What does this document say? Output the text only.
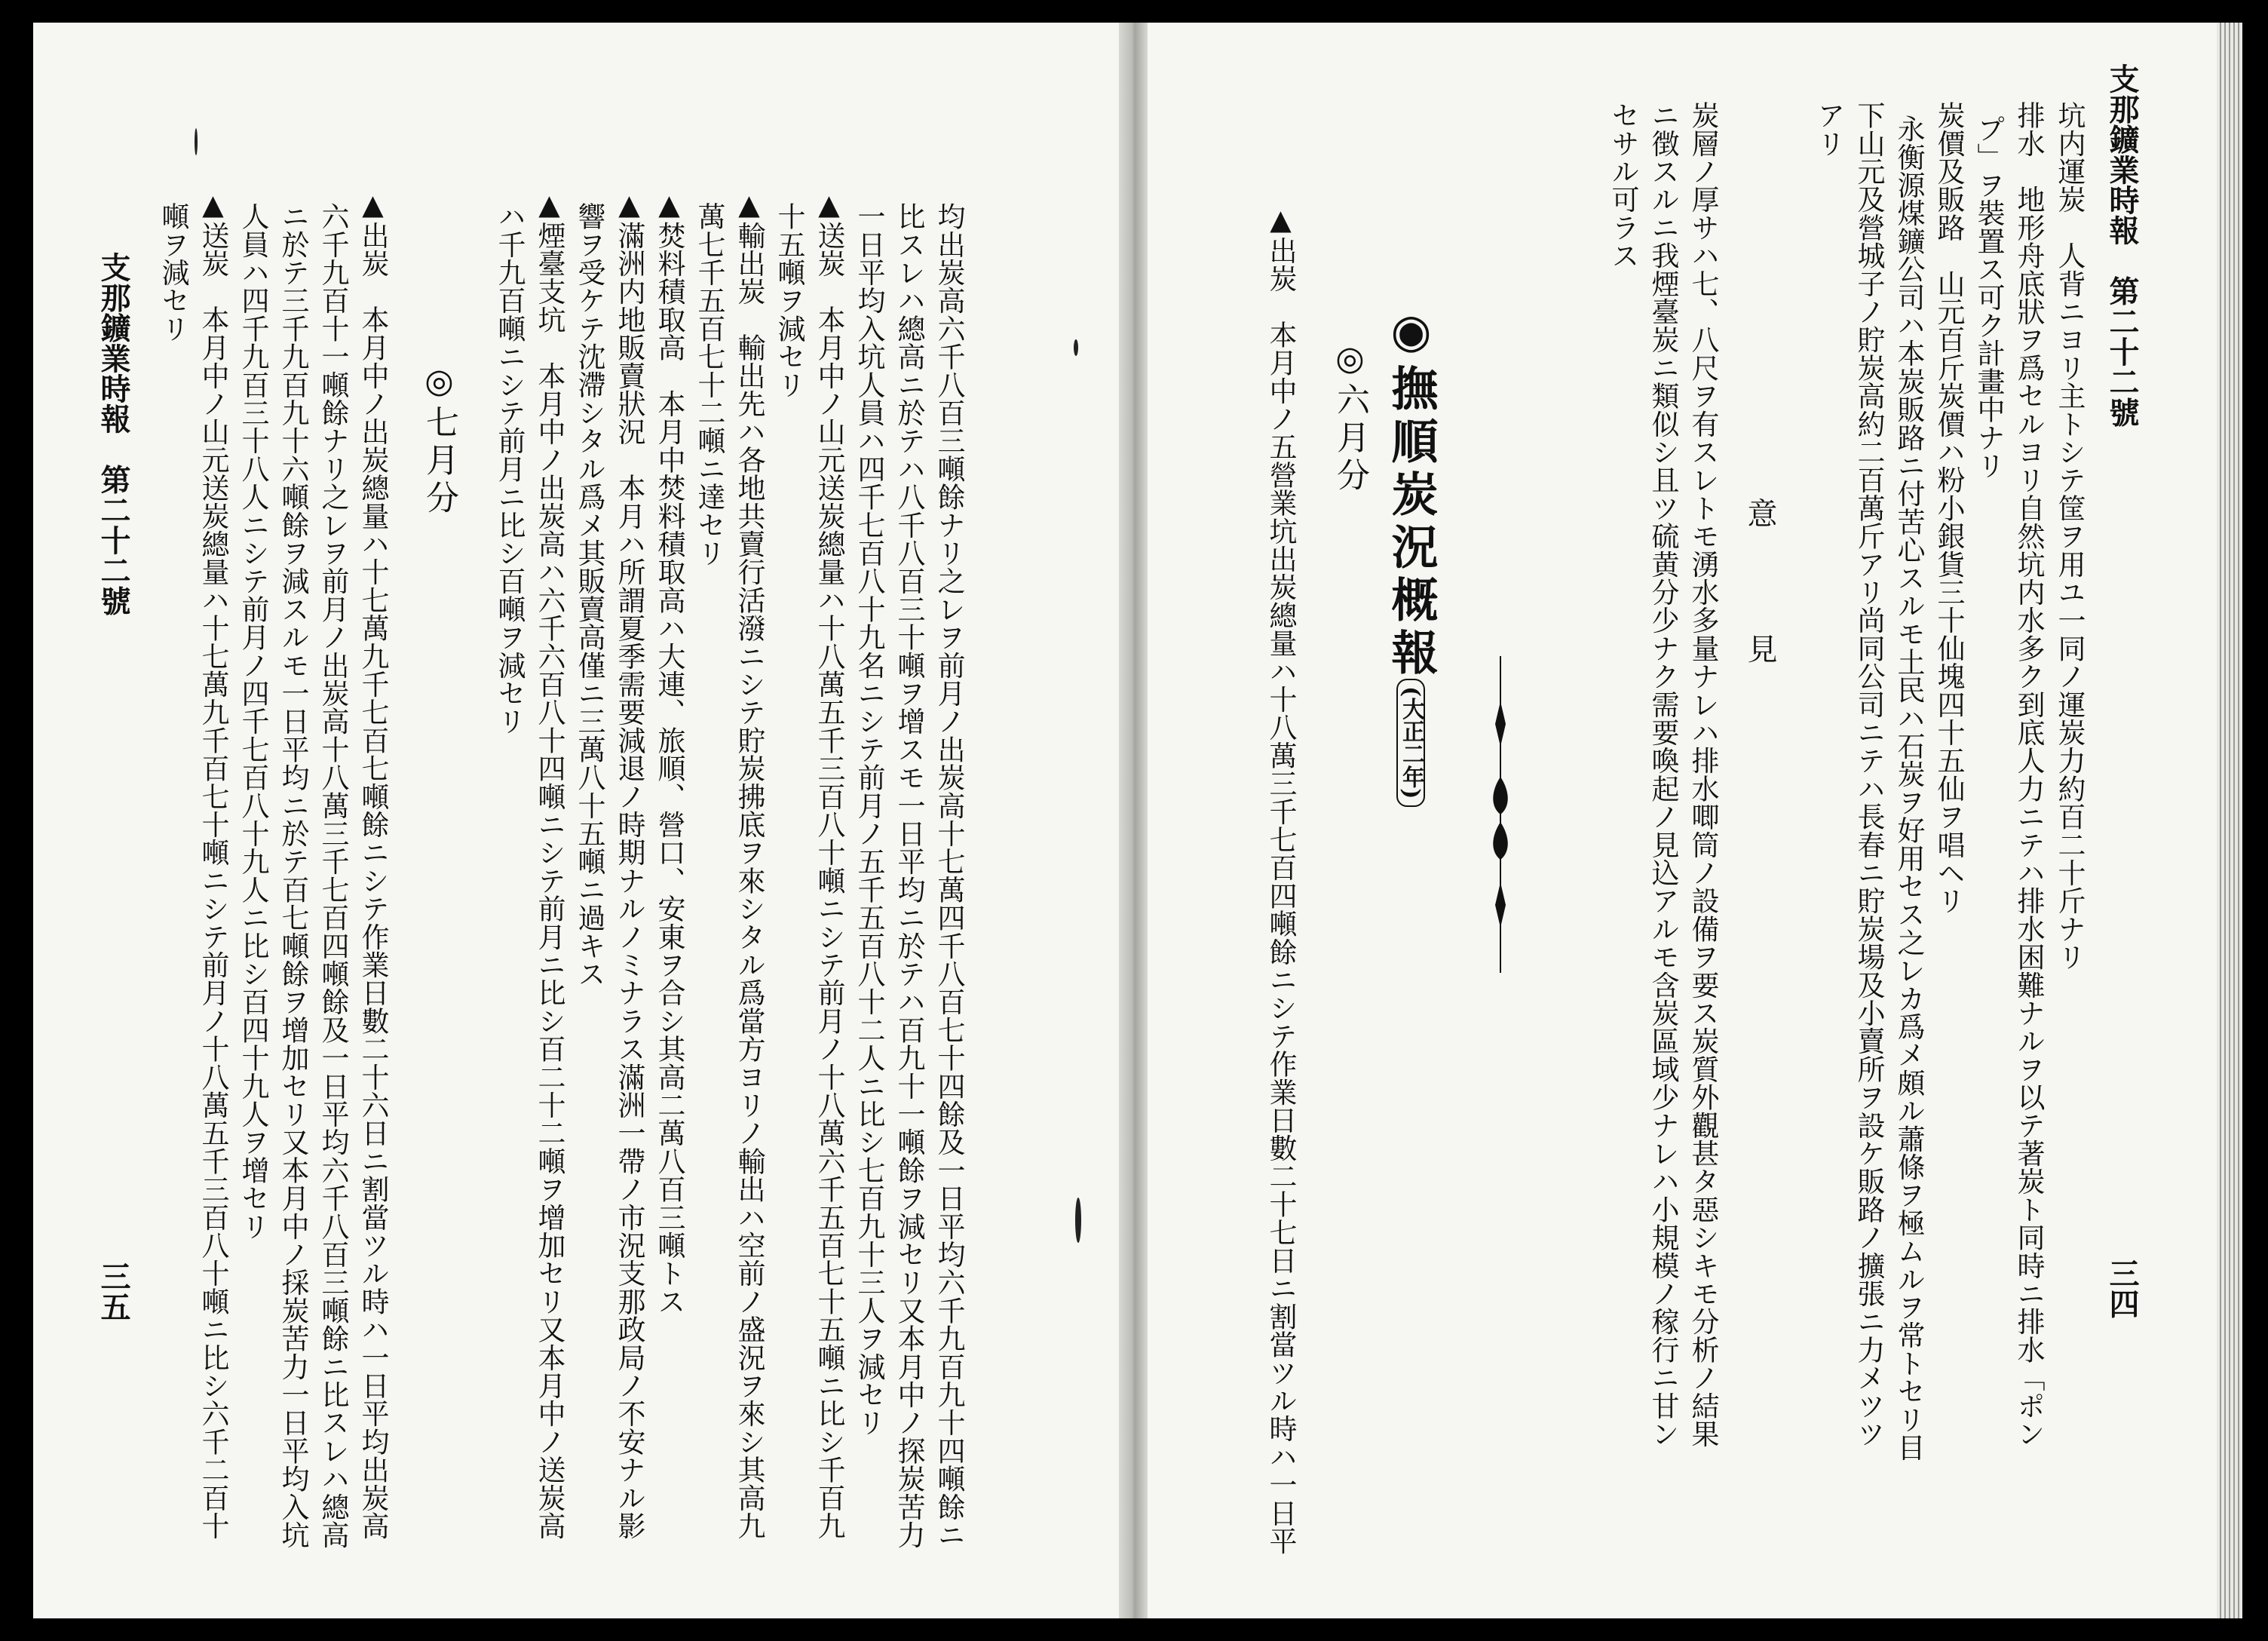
支那鑛業時報　第二十二號
三四
坑内運炭　人背ニヨリ主トシテ筐ヲ用ユ一同ノ運炭力約百二十斤ナリ
排水　地形舟底狀ヲ爲セルヨリ自然坑内水多ク到底人力ニテハ排水困難ナルヲ以テ著炭ト同時ニ排水「ポン
プ」ヲ裝置ス可ク計畫中ナリ
炭價及販路　山元百斤炭價ハ粉小銀貨三十仙塊四十五仙ヲ唱ヘリ
永衡源煤鑛公司ハ本炭販路ニ付苦心スルモ土民ハ石炭ヲ好用セス之レカ爲メ頗ル蕭條ヲ極ムルヲ常トセリ目
下山元及營城子ノ貯炭高約二百萬斤アリ尚同公司ニテハ長春ニ貯炭場及小賣所ヲ設ケ販路ノ擴張ニ力メツツ
アリ
意　見
炭層ノ厚サハ七、八尺ヲ有スレトモ湧水多量ナレハ排水唧筒ノ設備ヲ要ス炭質外觀甚タ惡シキモ分析ノ結果
ニ徴スルニ我煙臺炭ニ類似シ且ツ硫黄分少ナク需要喚起ノ見込アルモ含炭區域少ナレハ小規模ノ稼行ニ甘ン
セサル可ラス
◉撫順炭況概報
(大正二年)
◎六月分
▲出炭　本月中ノ五營業坑出炭總量ハ十八萬三千七百四噸餘ニシテ作業日數二十七日ニ割當ツル時ハ一日平
均出炭高六千八百三噸餘ナリ之レヲ前月ノ出炭高十七萬四千八百七十四餘及一日平均六千九百九十四噸餘ニ
比スレハ總高ニ於テハ八千八百三十噸ヲ增スモ一日平均ニ於テハ百九十一噸餘ヲ減セリ又本月中ノ探炭苦力
一日平均入坑人員ハ四千七百八十九名ニシテ前月ノ五千五百八十二人ニ比シ七百九十三人ヲ減セリ
▲送炭　本月中ノ山元送炭總量ハ十八萬五千三百八十噸ニシテ前月ノ十八萬六千五百七十五噸ニ比シ千百九
十五噸ヲ減セリ
▲輸出炭　輸出先ハ各地共賣行活潑ニシテ貯炭拂底ヲ來シタル爲當方ヨリノ輸出ハ空前ノ盛況ヲ來シ其高九
萬七千五百七十二噸ニ達セリ
▲焚料積取高　本月中焚料積取高ハ大連、旅順、營口、安東ヲ合シ其高二萬八百三噸トス
▲滿洲内地販賣狀況　本月ハ所謂夏季需要減退ノ時期ナルノミナラス滿洲一帶ノ市況支那政局ノ不安ナル影
響ヲ受ケテ沈滯シタル爲メ其販賣高僅ニ三萬八十五噸ニ過キス
▲煙臺支坑　本月中ノ出炭高ハ六千六百八十四噸ニシテ前月ニ比シ百二十二噸ヲ增加セリ又本月中ノ送炭高
ハ千九百噸ニシテ前月ニ比シ百噸ヲ減セリ
◎七月分
▲出炭　本月中ノ出炭總量ハ十七萬九千七百七噸餘ニシテ作業日數二十六日ニ割當ツル時ハ一日平均出炭高
六千九百十一噸餘ナリ之レヲ前月ノ出炭高十八萬三千七百四噸餘及一日平均六千八百三噸餘ニ比スレハ總高
ニ於テ三千九百九十六噸餘ヲ減スルモ一日平均ニ於テ百七噸餘ヲ增加セリ又本月中ノ採炭苦力一日平均入坑
人員ハ四千九百三十八人ニシテ前月ノ四千七百八十九人ニ比シ百四十九人ヲ增セリ
▲送炭　本月中ノ山元送炭總量ハ十七萬九千百七十噸ニシテ前月ノ十八萬五千三百八十噸ニ比シ六千二百十
噸ヲ減セリ
支那鑛業時報　第二十二號
三五
